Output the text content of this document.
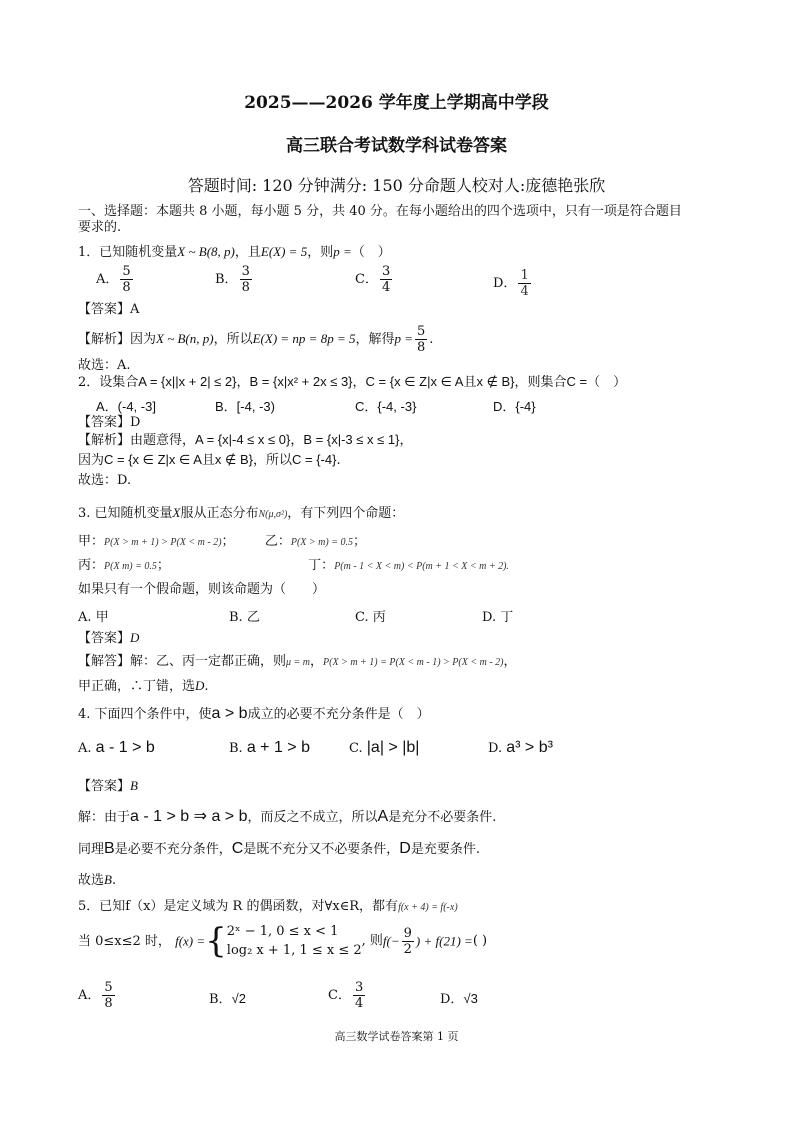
2025——2026 学年度上学期高中学段
高三联合考试数学科试卷答案
答题时间: 120 分钟满分: 150 分命题人校对人:庞德艳张欣
一、选择题：本题共 8 小题，每小题 5 分，共 40 分。在每小题给出的四个选项中，只有一项是符合题目
要求的.
1．已知随机变量X ~ B(8, p)，且E(X) = 5，则p =（　）
A． $\frac{5}{8}$	B． $\frac{3}{8}$	C． $\frac{3}{4}$	D． $\frac{1}{4}$
【答案】A
【解析】因为X ~ B(n, p)，所以E(X) = np = 8p = 5，解得$p = \frac{5}{8}$ .
故选：A.
2．设集合A = {x||x + 2| ≤ 2}，B = {x|x² + 2x ≤ 3}，C = {x ∈ Z|x ∈ A且x ∉ B}，则集合C =（　）
A．(-4, -3]	B．[-4, -3)	C．{-4, -3}	D．{-4}
【答案】D
【解析】由题意得，A = {x|-4 ≤ x ≤ 0}，B = {x|-3 ≤ x ≤ 1}，
因为C = {x ∈ Z|x ∈ A且x ∉ B}，所以C = {-4}.
故选：D.
3. 已知随机变量X服从正态分布N(μ,σ²)，有下列四个命题：
甲：P(X > m + 1) > P(X < m - 2)； 乙：P(X > m) = 0.5；
丙：P(X m) = 0.5；	丁：P(m - 1 < X < m) < P(m + 1 < X < m + 2).
如果只有一个假命题，则该命题为（　　）
A. 甲	B. 乙	C. 丙	D. 丁
【答案】D
【解答】解：乙、丙一定都正确，则μ = m，P(X > m + 1) = P(X < m - 1) > P(X < m - 2)，
甲正确，∴丁错，选D.
4. 下面四个条件中，使a > b成立的必要不充分条件是（　）
A. a - 1 > b	B. a + 1 > b	C. |a| > |b|	D. a³ > b³
【答案】B
解：由于a - 1 > b ⇒ a > b，而反之不成立，所以A是充分不必要条件.
同理B是必要不充分条件，C是既不充分又不必要条件，D是充要条件.
故选B.
5．已知f（x）是定义域为 R 的偶函数，对∀x∈R，都有f(x + 4) = f(-x)
当 0≤x≤2 时， f(x) ={ 2ˣ − 1, 0 ≤ x < 1
log₂ x + 1, 1 ≤ x ≤ 2
, 则$f(- \frac{9}{2}$ ) + f(21) =( )
A． $\frac{5}{8}$	B．√2	C． $\frac{3}{4}$	D．√3
高三数学试卷答案第 1 页
